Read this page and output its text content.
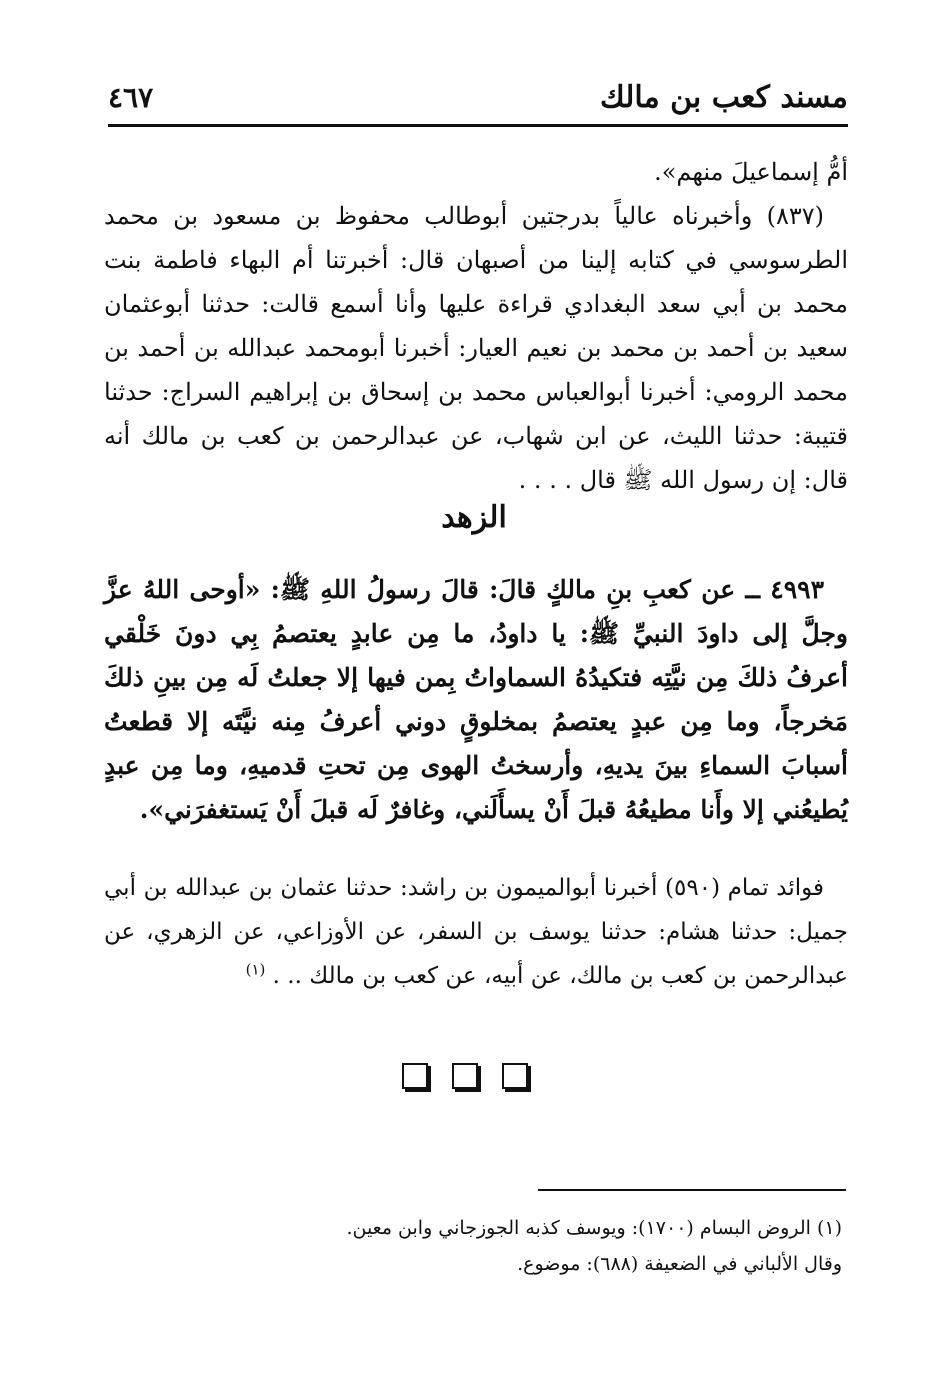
مسند كعب بن مالك
٤٦٧

أمُّ إسماعيلَ منهم».

(٨٣٧) وأخبرناه عالياً بدرجتين أبوطالب محفوظ بن مسعود بن محمد الطرسوسي في كتابه إلينا من أصبهان قال: أخبرتنا أم البهاء فاطمة بنت محمد بن أبي سعد البغدادي قراءة عليها وأنا أسمع قالت: حدثنا أبوعثمان سعيد بن أحمد بن محمد بن نعيم العيار: أخبرنا أبومحمد عبدالله بن أحمد بن محمد الرومي: أخبرنا أبوالعباس محمد بن إسحاق بن إبراهيم السراج: حدثنا قتيبة: حدثنا الليث، عن ابن شهاب، عن عبدالرحمن بن كعب بن مالك أنه قال: إن رسول الله ﷺ قال . . . .

الزهد

٤٩٩٣ ــ عن كعبِ بنِ مالكٍ قالَ: قالَ رسولُ اللهِ ﷺ: «أوحى اللهُ عزَّ وجلَّ إلى داودَ النبيِّ ﷺ: يا داودُ، ما مِن عابدٍ يعتصمُ بِي دونَ خَلْقي أعرفُ ذلكَ مِن نيَّتِه فتكيدُهُ السماواتُ بِمن فيها إلا جعلتُ لَه مِن بينِ ذلكَ مَخرجاً، وما مِن عبدٍ يعتصمُ بمخلوقٍ دوني أعرفُ مِنه نيَّتَه إلا قطعتُ أسبابَ السماءِ بينَ يديهِ، وأرسختُ الهوى مِن تحتِ قدميهِ، وما مِن عبدٍ يُطيعُني إلا وأَنا مطيعُهُ قبلَ أَنْ يسأَلَني، وغافرٌ لَه قبلَ أَنْ يَستغفرَني».

فوائد تمام (٥٩٠) أخبرنا أبوالميمون بن راشد: حدثنا عثمان بن عبدالله بن أبي جميل: حدثنا هشام: حدثنا يوسف بن السفر، عن الأوزاعي، عن الزهري، عن عبدالرحمن بن كعب بن مالك، عن أبيه، عن كعب بن مالك .. . $^{(١)}$

(١) الروض البسام (١٧٠٠): ويوسف كذبه الجوزجاني وابن معين.

وقال الألباني في الضعيفة (٦٨٨): موضوع.
